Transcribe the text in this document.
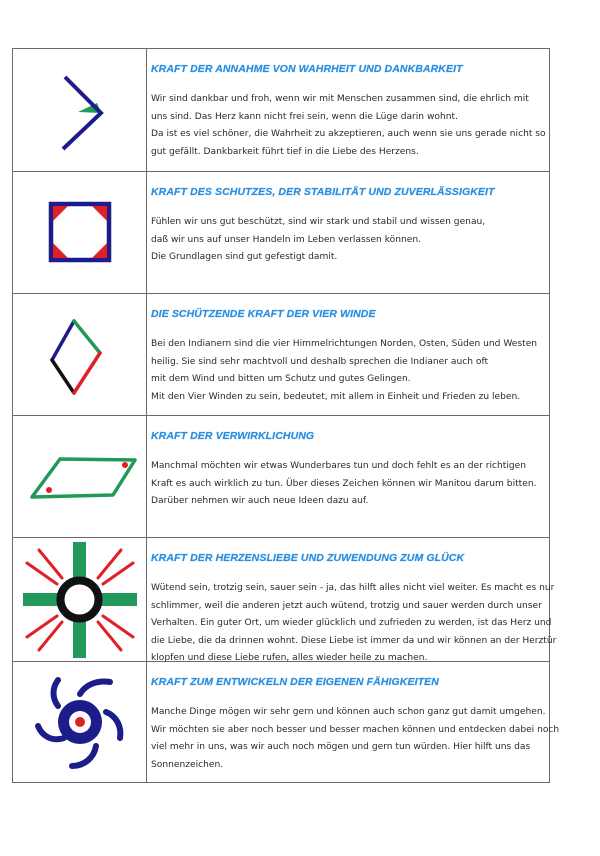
KRAFT DER ANNAHME VON WAHRHEIT UND DANKBARKEIT
Wir sind dankbar und froh, wenn wir mit Menschen zusammen sind, die ehrlich mit
uns sind. Das Herz kann nicht frei sein, wenn die Lüge darin wohnt.
Da ist es viel schöner, die Wahrheit zu akzeptieren, auch wenn sie uns gerade nicht so
gut gefällt. Dankbarkeit führt tief in die Liebe des Herzens.
KRAFT DES SCHUTZES, DER STABILITÄT UND ZUVERLÄSSIGKEIT
Fühlen wir uns gut beschützt, sind wir stark und stabil und wissen genau,
daß wir uns auf unser Handeln im Leben verlassen können.
Die Grundlagen sind gut gefestigt damit.
DIE SCHÜTZENDE KRAFT DER VIER WINDE
Bei den Indianern sind die vier Himmelrichtungen Norden, Osten, Süden und Westen
heilig. Sie sind sehr machtvoll und deshalb sprechen die Indianer auch oft
mit dem Wind und bitten um Schutz und gutes Gelingen.
Mit den Vier Winden zu sein, bedeutet, mit allem in Einheit und Frieden zu leben.
KRAFT DER VERWIRKLICHUNG
Manchmal möchten wir etwas Wunderbares tun und doch fehlt es an der richtigen
Kraft es auch wirklich zu tun. Über dieses Zeichen können wir Manitou darum bitten.
Darüber nehmen wir auch neue Ideen dazu auf.
KRAFT DER HERZENSLIEBE UND ZUWENDUNG ZUM GLÜCK
Wütend sein, trotzig sein, sauer sein - ja, das hilft alles nicht viel weiter. Es macht es nur
schlimmer, weil die anderen jetzt auch wütend, trotzig und sauer werden durch unser
Verhalten. Ein guter Ort, um wieder glücklich und zufrieden zu werden, ist das Herz und
die Liebe, die da drinnen wohnt. Diese Liebe ist immer da und wir können an der Herztür
klopfen und diese Liebe rufen, alles wieder heile zu machen.
KRAFT ZUM ENTWICKELN DER EIGENEN FÄHIGKEITEN
Manche Dinge mögen wir sehr gern und können auch schon ganz gut damit umgehen.
Wir möchten sie aber noch besser und besser machen können und entdecken dabei noch
viel mehr in uns, was wir auch noch mögen und gern tun würden. Hier hilft uns das
Sonnenzeichen.
